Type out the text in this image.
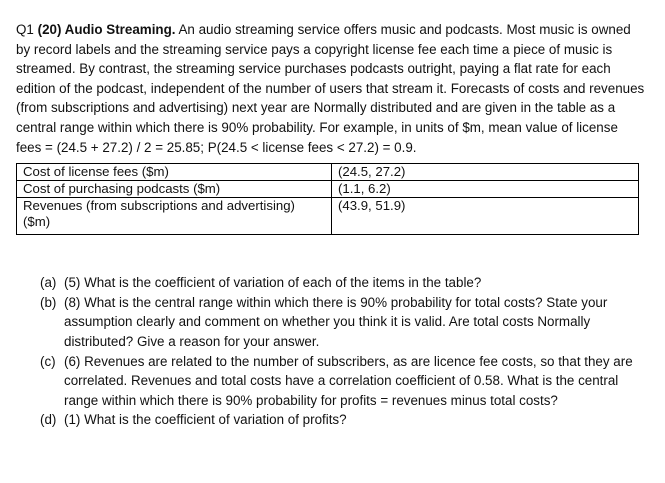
Q1 (20) Audio Streaming. An audio streaming service offers music and podcasts. Most music is owned by record labels and the streaming service pays a copyright license fee each time a piece of music is streamed. By contrast, the streaming service purchases podcasts outright, paying a flat rate for each edition of the podcast, independent of the number of users that stream it. Forecasts of costs and revenues (from subscriptions and advertising) next year are Normally distributed and are given in the table as a central range within which there is 90% probability. For example, in units of $m, mean value of license fees = (24.5 + 27.2) / 2 = 25.85; P(24.5 < license fees < 27.2) = 0.9.

Cost of license fees ($m)	(24.5, 27.2)
Cost of purchasing podcasts ($m)	(1.1, 6.2)
Revenues (from subscriptions and advertising) ($m)	(43.9, 51.9)
(a) (5) What is the coefficient of variation of each of the items in the table?
(b) (8) What is the central range within which there is 90% probability for total costs? State your assumption clearly and comment on whether you think it is valid. Are total costs Normally distributed? Give a reason for your answer.
(c) (6) Revenues are related to the number of subscribers, as are licence fee costs, so that they are correlated. Revenues and total costs have a correlation coefficient of 0.58. What is the central range within which there is 90% probability for profits = revenues minus total costs?
(d) (1) What is the coefficient of variation of profits?
